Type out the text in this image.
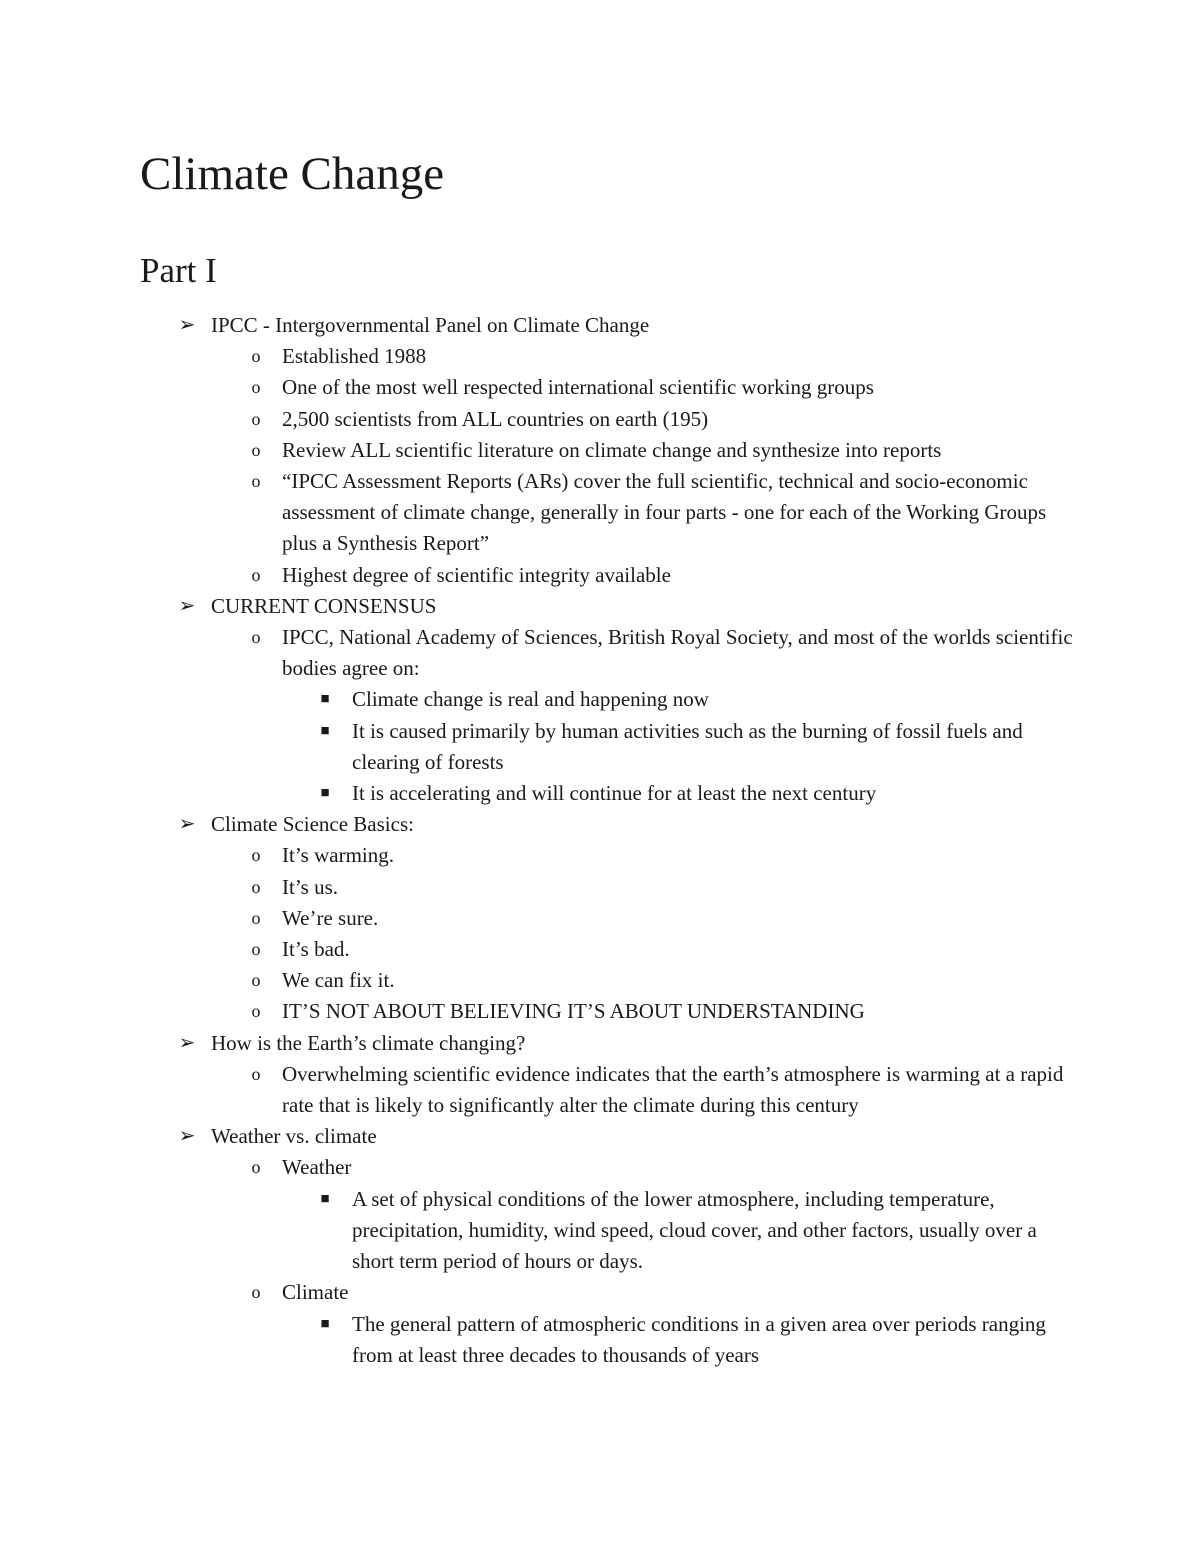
Climate Change
Part I
➢ IPCC - Intergovernmental Panel on Climate Change
o	Established 1988
o	One of the most well respected international scientific working groups
o	2,500 scientists from ALL countries on earth (195)
o	Review ALL scientific literature on climate change and synthesize into reports
o	“IPCC Assessment Reports (ARs) cover the full scientific, technical and socio-economic assessment of climate change, generally in four parts - one for each of the Working Groups plus a Synthesis Report”
o	Highest degree of scientific integrity available
➢ CURRENT CONSENSUS
o	IPCC, National Academy of Sciences, British Royal Society, and most of the worlds scientific bodies agree on:
■	Climate change is real and happening now
■	It is caused primarily by human activities such as the burning of fossil fuels and clearing of forests
■	It is accelerating and will continue for at least the next century
➢ Climate Science Basics:
o	It’s warming.
o	It’s us.
o	We’re sure.
o	It’s bad.
o	We can fix it.
o	IT’S NOT ABOUT BELIEVING IT’S ABOUT UNDERSTANDING
➢ How is the Earth’s climate changing?
o	Overwhelming scientific evidence indicates that the earth’s atmosphere is warming at a rapid rate that is likely to significantly alter the climate during this century
➢ Weather vs. climate
o	Weather
■	A set of physical conditions of the lower atmosphere, including temperature, precipitation, humidity, wind speed, cloud cover, and other factors, usually over a short term period of hours or days.
o	Climate
■	The general pattern of atmospheric conditions in a given area over periods ranging from at least three decades to thousands of years
